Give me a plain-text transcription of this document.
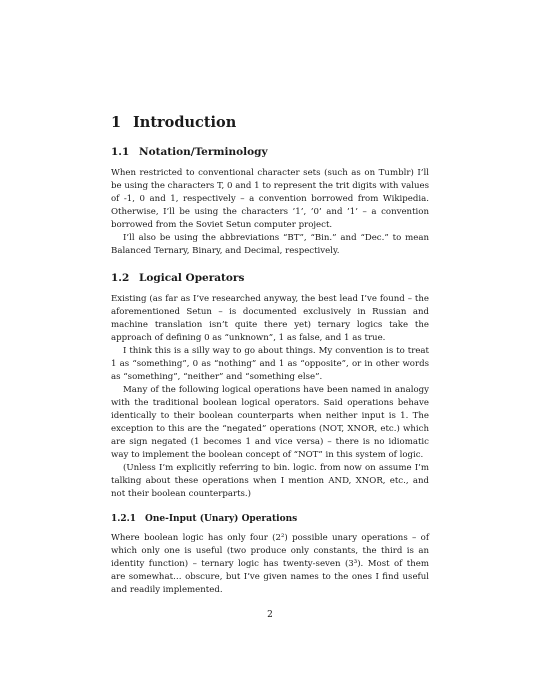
1 Introduction
1.1 Notation/Terminology

When restricted to conventional character sets (such as on Tumblr) I’ll be using the characters T, 0 and 1 to represent the trit digits with values of -1, 0 and 1, respectively – a convention borrowed from Wikipedia. Otherwise, I’ll be using the characters ’1’, ’0’ and ’1’ – a convention borrowed from the Soviet Setun computer project.

I’ll also be using the abbreviations “BT”, “Bin.” and “Dec.” to mean Balanced Ternary, Binary, and Decimal, respectively.

1.2 Logical Operators

Existing (as far as I’ve researched anyway, the best lead I’ve found – the aforementioned Setun – is documented exclusively in Russian and machine translation isn’t quite there yet) ternary logics take the approach of defining 0 as “unknown”, 1 as false, and 1 as true.

I think this is a silly way to go about things. My convention is to treat 1 as “something”, 0 as “nothing” and 1 as “opposite”, or in other words as “something”, “neither” and “something else”.

Many of the following logical operations have been named in analogy with the traditional boolean logical operators. Said operations behave identically to their boolean counterparts when neither input is 1. The exception to this are the “negated” operations (NOT, XNOR, etc.) which are sign negated (1 becomes 1 and vice versa) – there is no idiomatic way to implement the boolean concept of “NOT” in this system of logic.

(Unless I’m explicitly referring to bin. logic. from now on assume I’m talking about these operations when I mention AND, XNOR, etc., and not their boolean counterparts.)

1.2.1 One-Input (Unary) Operations

Where boolean logic has only four (2²) possible unary operations – of which only one is useful (two produce only constants, the third is an identity function) – ternary logic has twenty-seven (3³). Most of them are somewhat… obscure, but I’ve given names to the ones I find useful and readily implemented.

2
